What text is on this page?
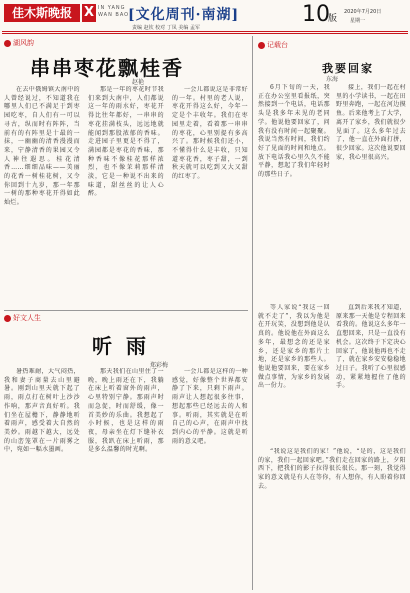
佳木斯晚报 X IN YANG
WAN BAO
[文化周刊·南湖]
责编 赵钦 校对 丁凤 美编 孟军
10
版
2020年7月20日
星期一
湖风韵
串串枣花飘桂香
赵艳

在去中俄姆镇大南中的人曾经说过，不知道我在哪里人们已不满足于到枣园吃枣，自人们有一可以寻古，纵而时有阵阵，当前有的有阵里是十最的一抹，一幽幽的清香漫漫而来，宁静清香的果园又令人神往遐思。桂花清香……细细品味——美丽的花香一树桂花树，又令你回到十九岁，那一年那一树的那种枣花开得如此灿烂。

那是一年的枣花时节我们来到大南中，人们都说这一年的雨水好，枣花开得比往年都好，一串串的枣花挂满枝头，远远地就能闻到那股浓郁的香味。走进园子里更是不得了，满园都是枣花的香味，那种香味不像桂花那样浓烈，也不像茉莉那样清淡，它是一种说不出来的味道，甜丝丝的让人心醉。

一会儿都说这是非常好的一年。村里的老人说，枣花开得这么好，今年一定是个丰收年。我们在枣园里走着，看着那一串串的枣花，心里别提有多高兴了。那时候我们还小，不懂得什么是丰收，只知道枣花香，枣子甜，一到秋天就可以吃到又大又甜的红枣了。

好文人生
听雨
郑彩梅

暑热难耐，大气闷热，我和妻子商量去山里避暑。刚到山里天就下起了雨，雨点打在树叶上沙沙作响，那声音真好听。我们坐在屋檐下，静静地听着雨声，感受着大自然的美妙。雨越下越大，远处的山峦笼罩在一片雨雾之中，宛如一幅水墨画。

那天我们在山里住了一晚，晚上雨还在下，我躺在床上听着窗外的雨声，心里特别宁静。那雨声时而急促，时而舒缓，像一首美妙的乐曲。我想起了小时候，也是这样的雨夜，母亲坐在灯下缝补衣服，我趴在床上听雨，那是多么温馨的时光啊。

一会儿都是这样的一种感觉，好像整个世界都安静了下来，只剩下雨声。雨声让人想起很多往事，想起那些已经远去的人和事。听雨，其实就是在听自己的心声，在雨声中找到内心的平静。这就是听雨的意义吧。

记载台
我要回家
东海

6月下旬的一天，我正在办公室里看报纸，突然接到一个电话，电话那头是我多年未见的老同学。他说他要回家了，问我有没有时间一起聚聚。我说当然有时间，我们约好了见面的时间和地点。放下电话我心里久久不能平静，想起了我们年轻时的那些日子。

接上，我们一起在村里的小学读书，一起在田野里奔跑，一起在河边摸鱼。后来他考上了大学，离开了家乡，我们就很少见面了。这么多年过去了，他一直在外面打拼，很少回家。这次他说要回家，我心里很高兴。

等人家说“我这一回就不走了”，我以为他是在开玩笑，没想到他是认真的。他说他在外面这么多年，最想念的还是家乡，还是家乡的那片土地，还是家乡的那些人。他说他要回来，要在家乡做点事情，为家乡的发展出一份力。

直到后来我才知道，原来那一天他是专程回来看我的。他说这么多年一直想回来，只是一直没有机会。这次终于下定决心回家了，他说他再也不走了，就在家乡安安稳稳地过日子。我听了心里很感动，紧紧地握住了他的手。

“我说这是我们的家！”他说，“是的，这是我们的家，我们一起回家吧。”我们走在回家的路上，夕阳西下，把我们的影子拉得很长很长。那一刻，我觉得家的意义就是有人在等你，有人想你，有人盼着你回去。
